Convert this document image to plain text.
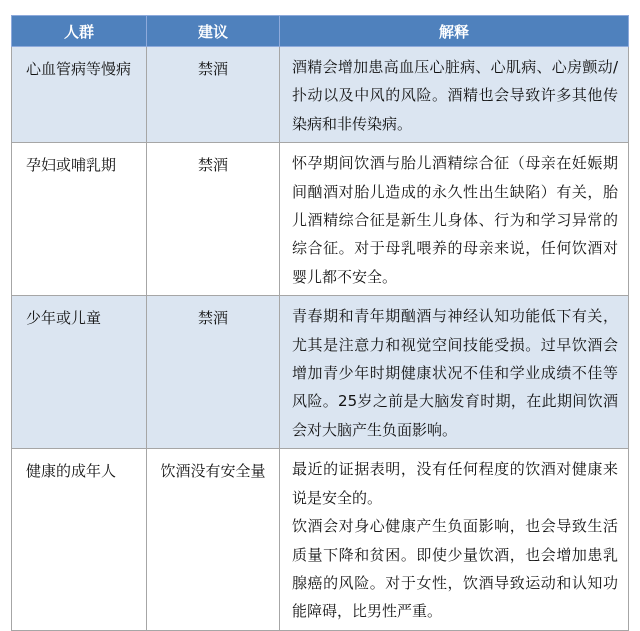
人群	建议	解释
心血管病等慢病	禁酒	酒精会增加患高血压心脏病、心肌病、心房颤动/扑动以及中风的风险。酒精也会导致许多其他传染病和非传染病。

孕妇或哺乳期	禁酒	怀孕期间饮酒与胎儿酒精综合征（母亲在妊娠期间酗酒对胎儿造成的永久性出生缺陷）有关，胎儿酒精综合征是新生儿身体、行为和学习异常的综合征。对于母乳喂养的母亲来说，任何饮酒对婴儿都不安全。

少年或儿童	禁酒	青春期和青年期酗酒与神经认知功能低下有关，尤其是注意力和视觉空间技能受损。过早饮酒会增加青少年时期健康状况不佳和学业成绩不佳等风险。25岁之前是大脑发育时期，在此期间饮酒会对大脑产生负面影响。

健康的成年人	饮酒没有安全量	最近的证据表明，没有任何程度的饮酒对健康来说是安全的。

饮酒会对身心健康产生负面影响，也会导致生活质量下降和贫困。即使少量饮酒，也会增加患乳腺癌的风险。对于女性，饮酒导致运动和认知功能障碍，比男性严重。
